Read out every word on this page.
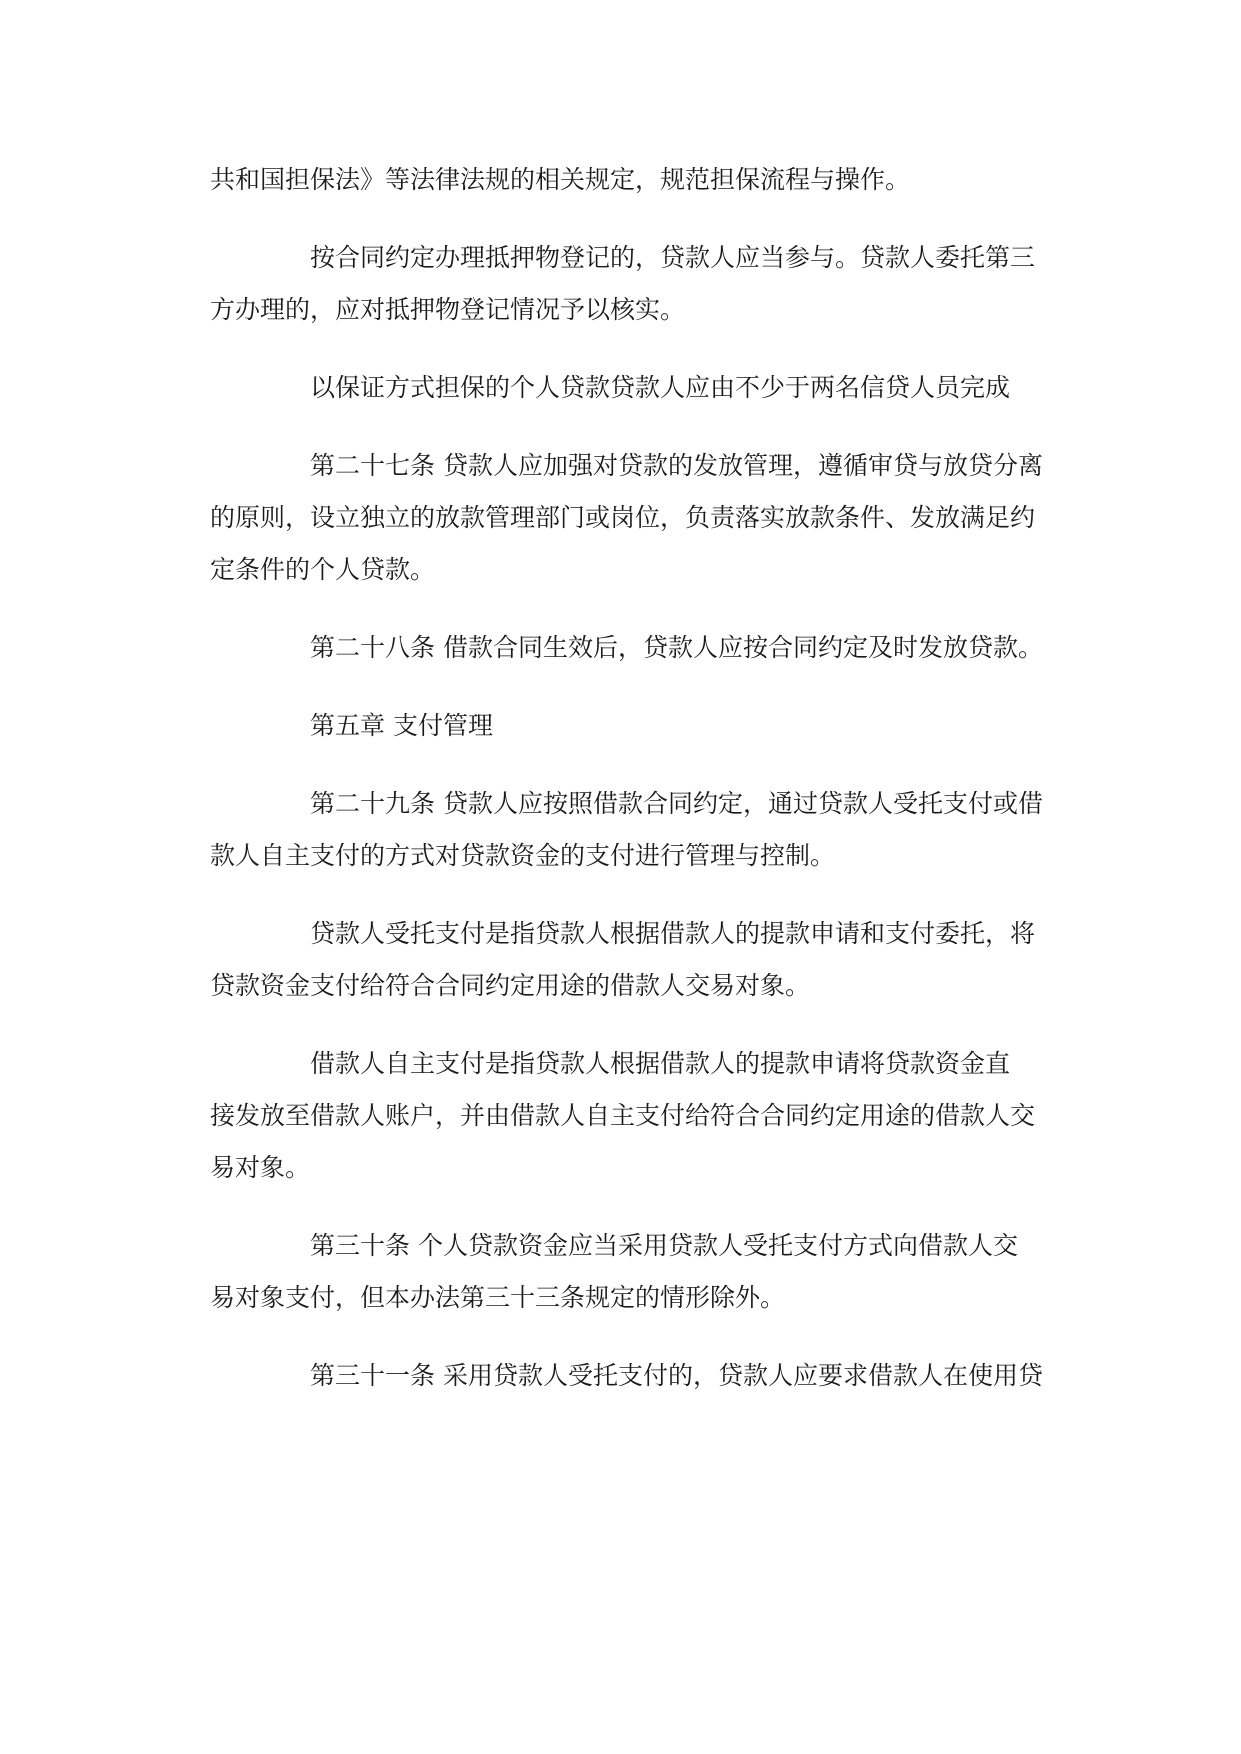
共和国担保法》等法律法规的相关规定，规范担保流程与操作。
按合同约定办理抵押物登记的，贷款人应当参与。贷款人委托第三
方办理的，应对抵押物登记情况予以核实。
以保证方式担保的个人贷款贷款人应由不少于两名信贷人员完成
第二十七条 贷款人应加强对贷款的发放管理，遵循审贷与放贷分离
的原则，设立独立的放款管理部门或岗位，负责落实放款条件、发放满足约
定条件的个人贷款。
第二十八条 借款合同生效后，贷款人应按合同约定及时发放贷款。
第五章 支付管理
第二十九条 贷款人应按照借款合同约定，通过贷款人受托支付或借
款人自主支付的方式对贷款资金的支付进行管理与控制。
贷款人受托支付是指贷款人根据借款人的提款申请和支付委托，将
贷款资金支付给符合合同约定用途的借款人交易对象。
借款人自主支付是指贷款人根据借款人的提款申请将贷款资金直
接发放至借款人账户，并由借款人自主支付给符合合同约定用途的借款人交
易对象。
第三十条 个人贷款资金应当采用贷款人受托支付方式向借款人交
易对象支付，但本办法第三十三条规定的情形除外。
第三十一条 采用贷款人受托支付的，贷款人应要求借款人在使用贷
